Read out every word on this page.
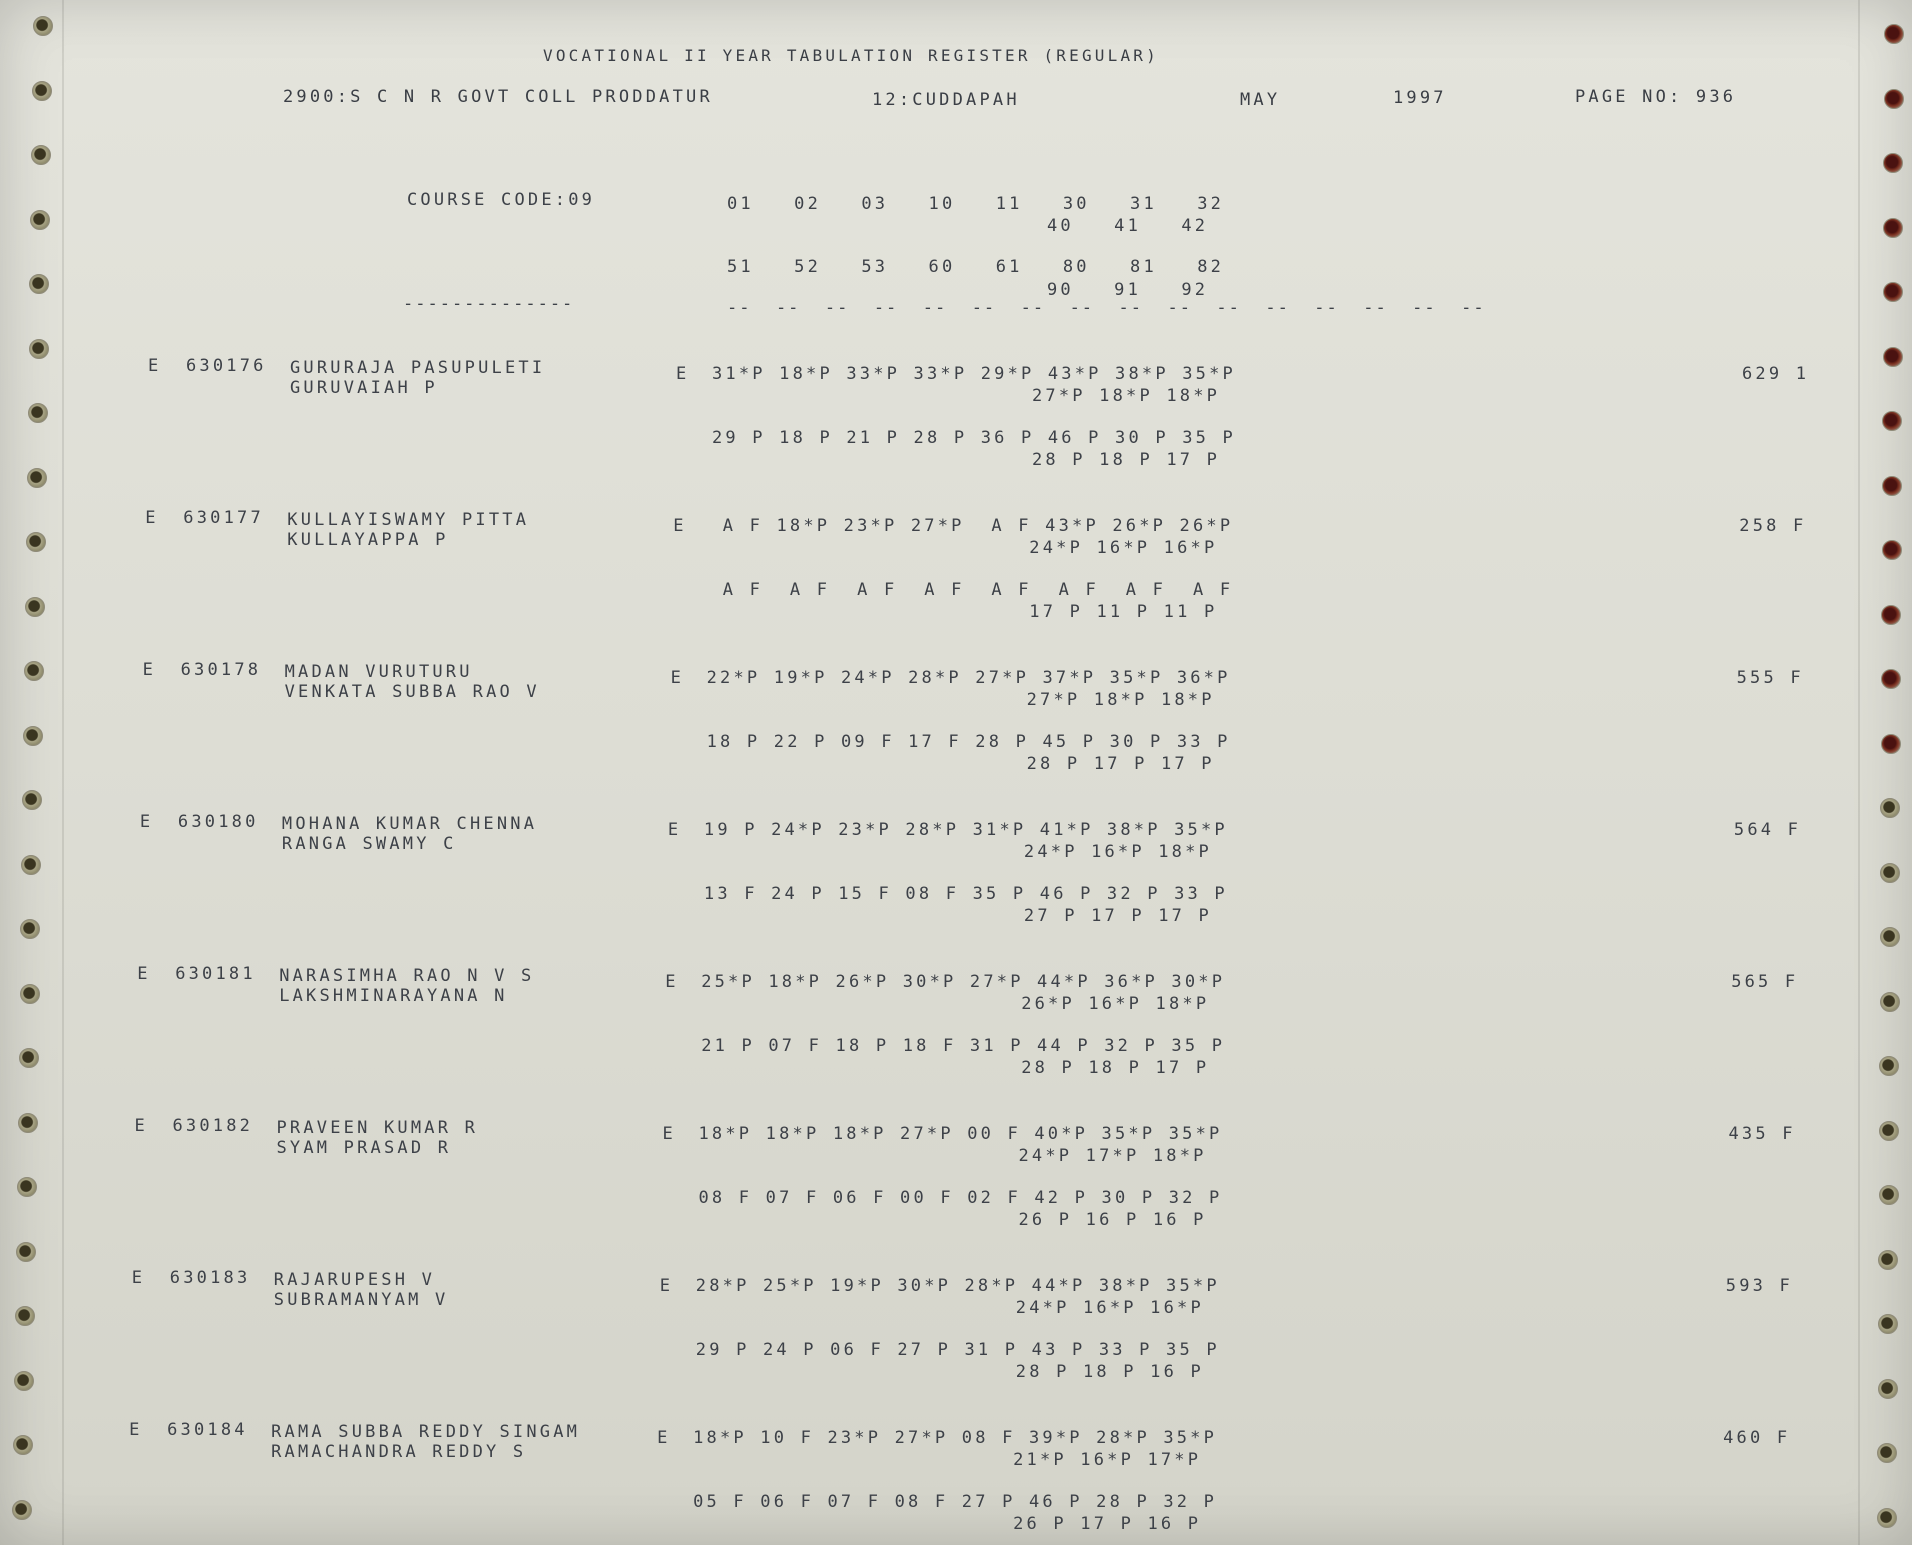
VOCATIONAL II YEAR TABULATION REGISTER (REGULAR)
2900:S C N R GOVT COLL PRODDATUR	12:CUDDAPAH	MAY	1997	PAGE NO: 936
COURSE CODE:09	01   02   03   10   11   30   31   32
40   41   42
51   52   53   60   61   80   81   82
90   91   92
--------------	--  --  --  --  --  --  --  --  --  --  --  --  --  --  --  --
E 630176 GURURAJA PASUPULETI
GURUVAIAH P
E 31*P 18*P 33*P 33*P 29*P 43*P 38*P 35*P
27*P 18*P 18*P
29 P 18 P 21 P 28 P 36 P 46 P 30 P 35 P
28 P 18 P 17 P
629 1
E 630177 KULLAYISWAMY PITTA
KULLAYAPPA P
E A F 18*P 23*P 27*P  A F 43*P 26*P 26*P
24*P 16*P 16*P
A F  A F  A F  A F  A F  A F  A F  A F
17 P 11 P 11 P
258 F
E 630178 MADAN VURUTURU
VENKATA SUBBA RAO V
E 22*P 19*P 24*P 28*P 27*P 37*P 35*P 36*P
27*P 18*P 18*P
18 P 22 P 09 F 17 F 28 P 45 P 30 P 33 P
28 P 17 P 17 P
555 F
E 630180 MOHANA KUMAR CHENNA
RANGA SWAMY C
E 19 P 24*P 23*P 28*P 31*P 41*P 38*P 35*P
24*P 16*P 18*P
13 F 24 P 15 F 08 F 35 P 46 P 32 P 33 P
27 P 17 P 17 P
564 F
E 630181 NARASIMHA RAO N V S
LAKSHMINARAYANA N
E 25*P 18*P 26*P 30*P 27*P 44*P 36*P 30*P
26*P 16*P 18*P
21 P 07 F 18 P 18 F 31 P 44 P 32 P 35 P
28 P 18 P 17 P
565 F
E 630182 PRAVEEN KUMAR R
SYAM PRASAD R
E 18*P 18*P 18*P 27*P 00 F 40*P 35*P 35*P
24*P 17*P 18*P
08 F 07 F 06 F 00 F 02 F 42 P 30 P 32 P
26 P 16 P 16 P
435 F
E 630183 RAJARUPESH V
SUBRAMANYAM V
E 28*P 25*P 19*P 30*P 28*P 44*P 38*P 35*P
24*P 16*P 16*P
29 P 24 P 06 F 27 P 31 P 43 P 33 P 35 P
28 P 18 P 16 P
593 F
E 630184 RAMA SUBBA REDDY SINGAM
RAMACHANDRA REDDY S
E 18*P 10 F 23*P 27*P 08 F 39*P 28*P 35*P
21*P 16*P 17*P
05 F 06 F 07 F 08 F 27 P 46 P 28 P 32 P
26 P 17 P 16 P
460 F
